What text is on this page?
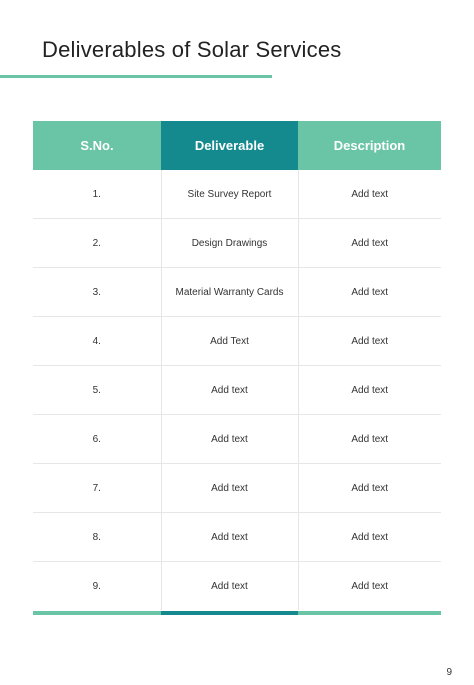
Deliverables of Solar Services
S.No.	Deliverable	Description
1.	Site Survey Report	Add text
2.	Design Drawings	Add text
3.	Material Warranty Cards	Add text
4.	Add Text	Add text
5.	Add text	Add text
6.	Add text	Add text
7.	Add text	Add text
8.	Add text	Add text
9.	Add text	Add text
9
